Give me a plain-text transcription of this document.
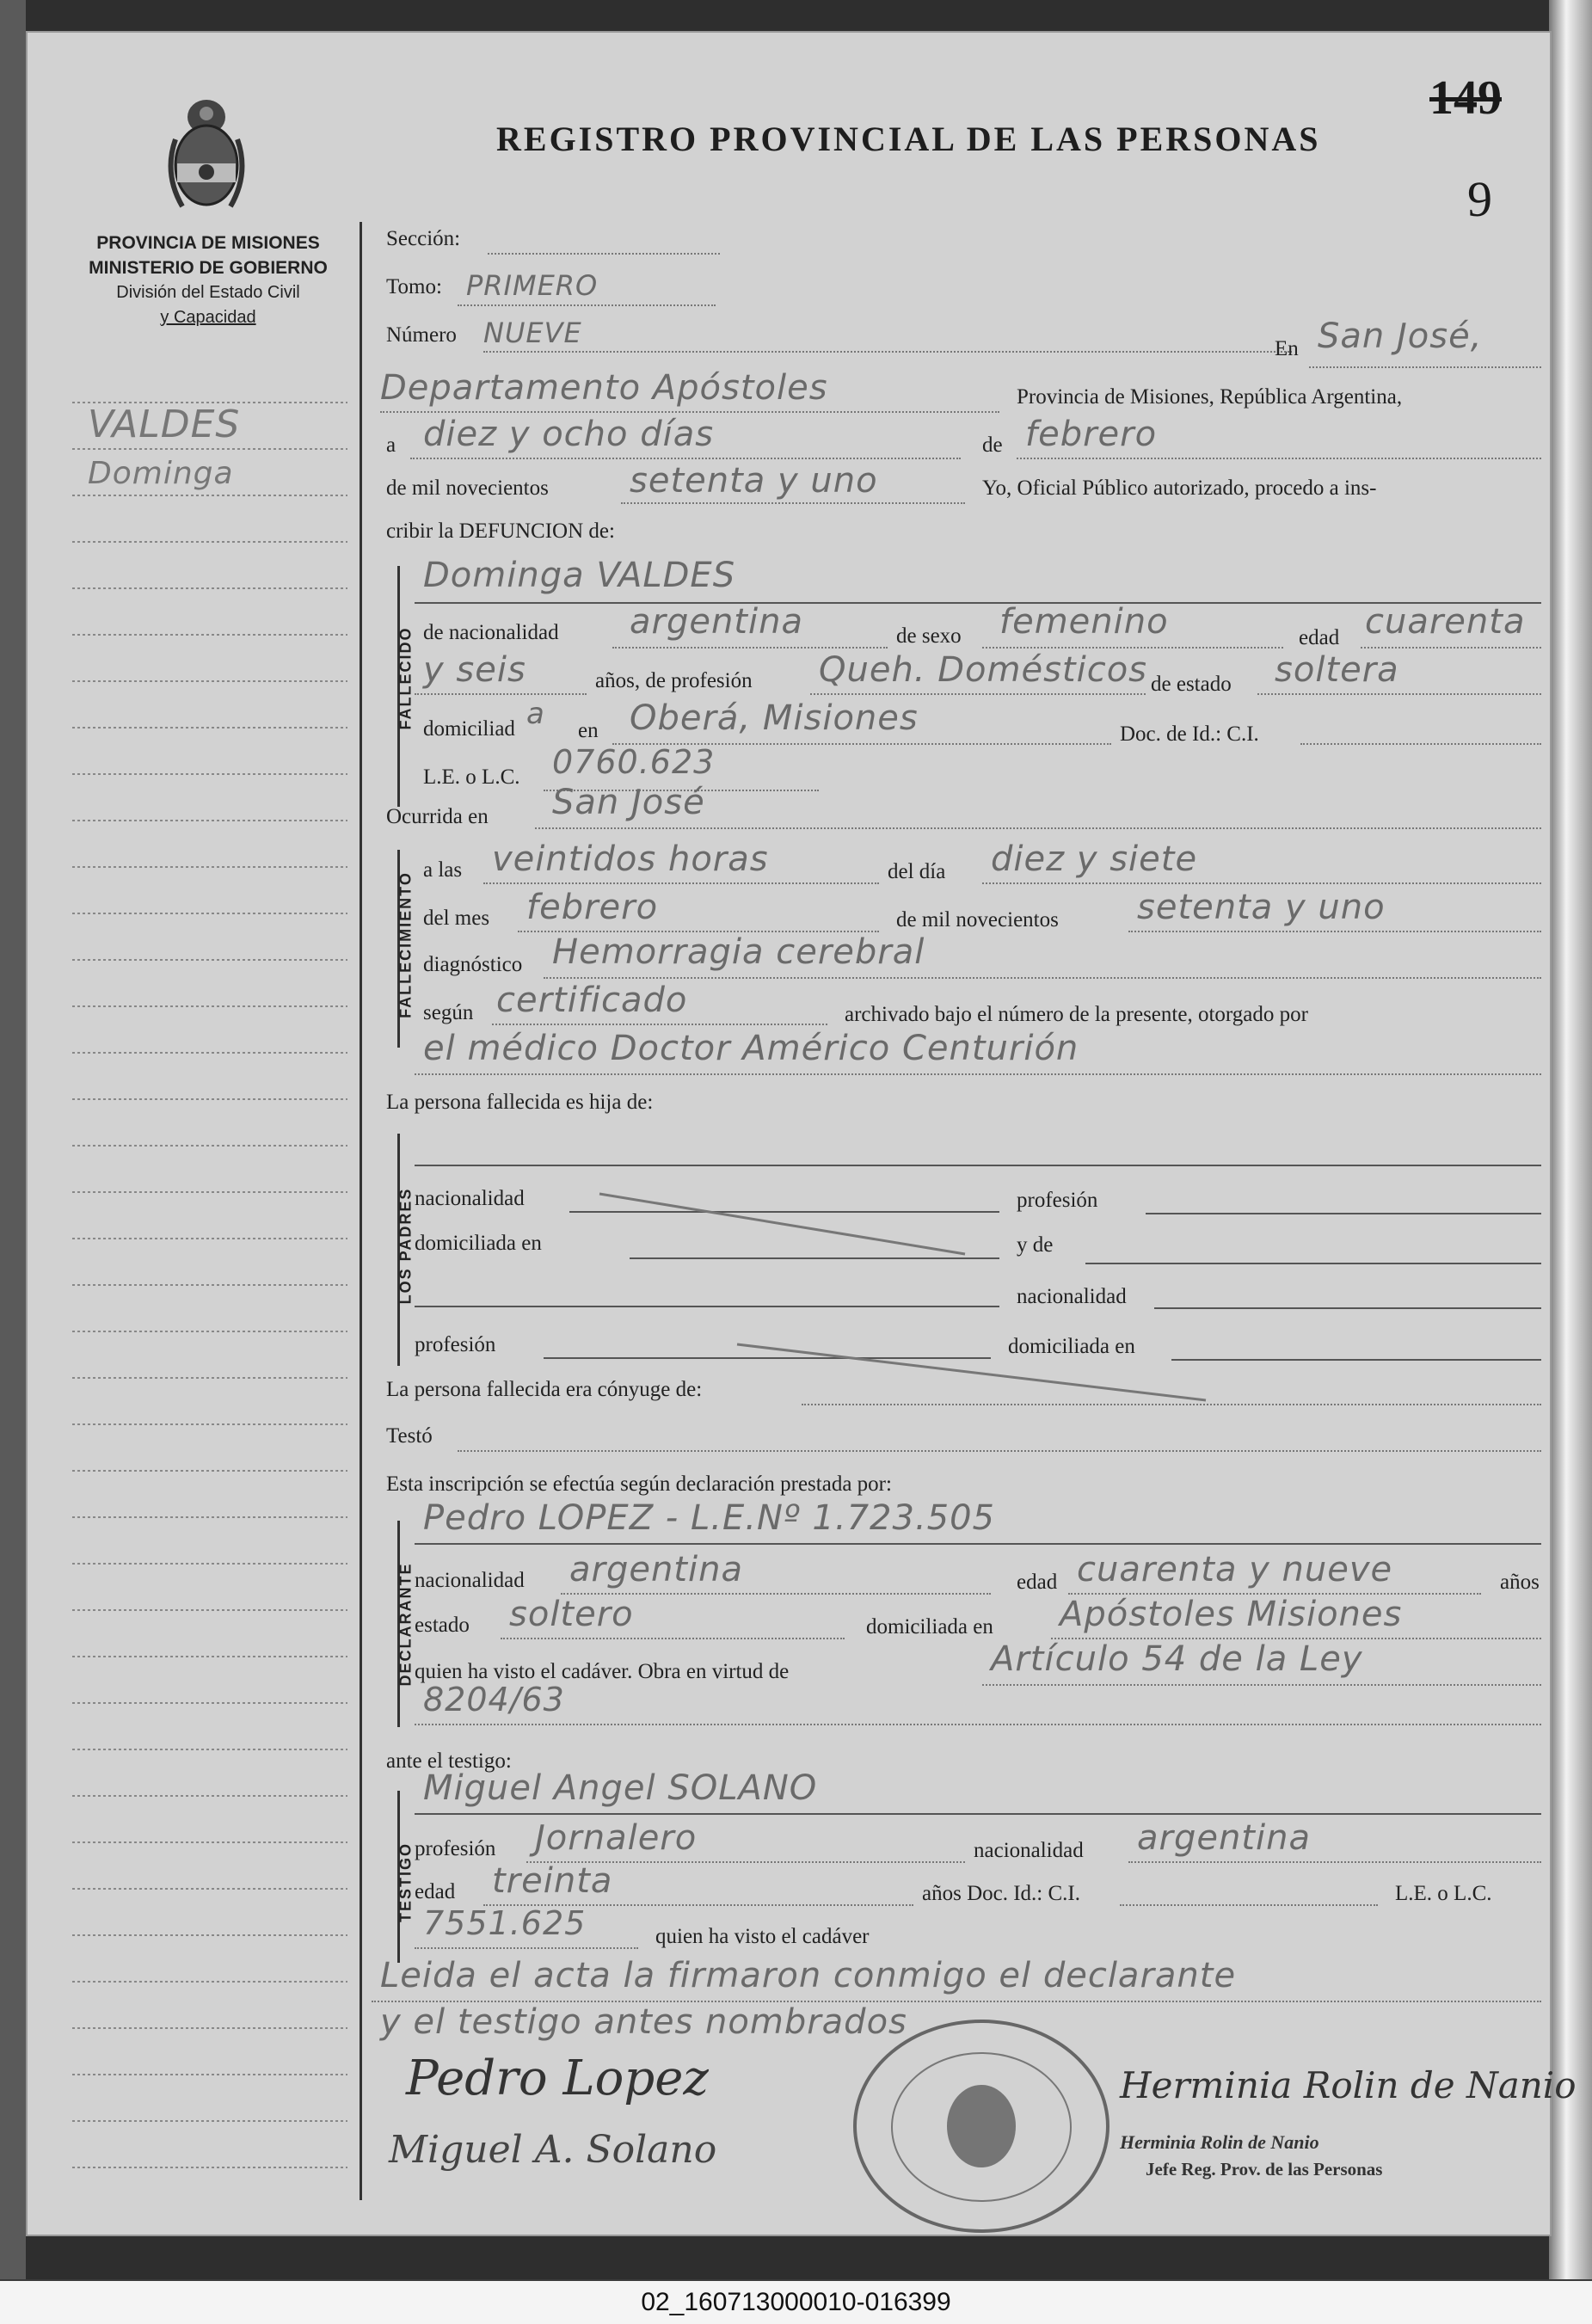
PROVINCIA DE MISIONES
MINISTERIO DE GOBIERNO
División del Estado Civil
y Capacidad
REGISTRO PROVINCIAL DE LAS PERSONAS
149
9
VALDES
Dominga
Sección:
Tomo: PRIMERO
Número NUEVE	En San José,
Departamento Apóstoles	Provincia de Misiones, República Argentina,
a diez y ocho días	de febrero
de mil novecientos setenta y uno	Yo, Oficial Público autorizado, procedo a ins-
cribir la DEFUNCION de:
FALLECIDO
Dominga VALDES
de nacionalidad argentina	de sexo femenino	edad cuarenta
y seis	años, de profesión Queh. Domésticos de estado soltera
domiciliad a en Oberá, Misiones	Doc. de Id.: C.I.
L.E. o L.C. 0760.623
Ocurrida en San José
FALLECIMIENTO
a las veintidos horas	del día diez y siete
del mes febrero	de mil novecientos setenta y uno
diagnóstico Hemorragia cerebral
según certificado	archivado bajo el número de la presente, otorgado por
el médico Doctor Américo Centurión
La persona fallecida es hija de:
LOS PADRES nacionalidad	profesión
domiciliada en	y de
nacionalidad
profesión	domiciliada en
La persona fallecida era cónyuge de:
Testó
Esta inscripción se efectúa según declaración prestada por:
DECLARANTE
Pedro LOPEZ - L.E.Nº 1.723.505
nacionalidad argentina	edad cuarenta y nueve	años
estado soltero	domiciliada en Apóstoles Misiones
quien ha visto el cadáver. Obra en virtud de	Artículo 54 de la Ley
8204/63
ante el testigo:
TESTIGO
Miguel Angel SOLANO
profesión Jornalero	nacionalidad argentina
edad treinta	años Doc. Id.: C.I.	L.E. o L.C.
7551.625	quien ha visto el cadáver
Leida el acta la firmaron conmigo el declarante
y el testigo antes nombrados
Pedro Lopez
Miguel A. Solano
Herminia Rolin de Nanio
Herminia Rolin de Nanio
Jefe Reg. Prov. de las Personas
02_160713000010-016399
